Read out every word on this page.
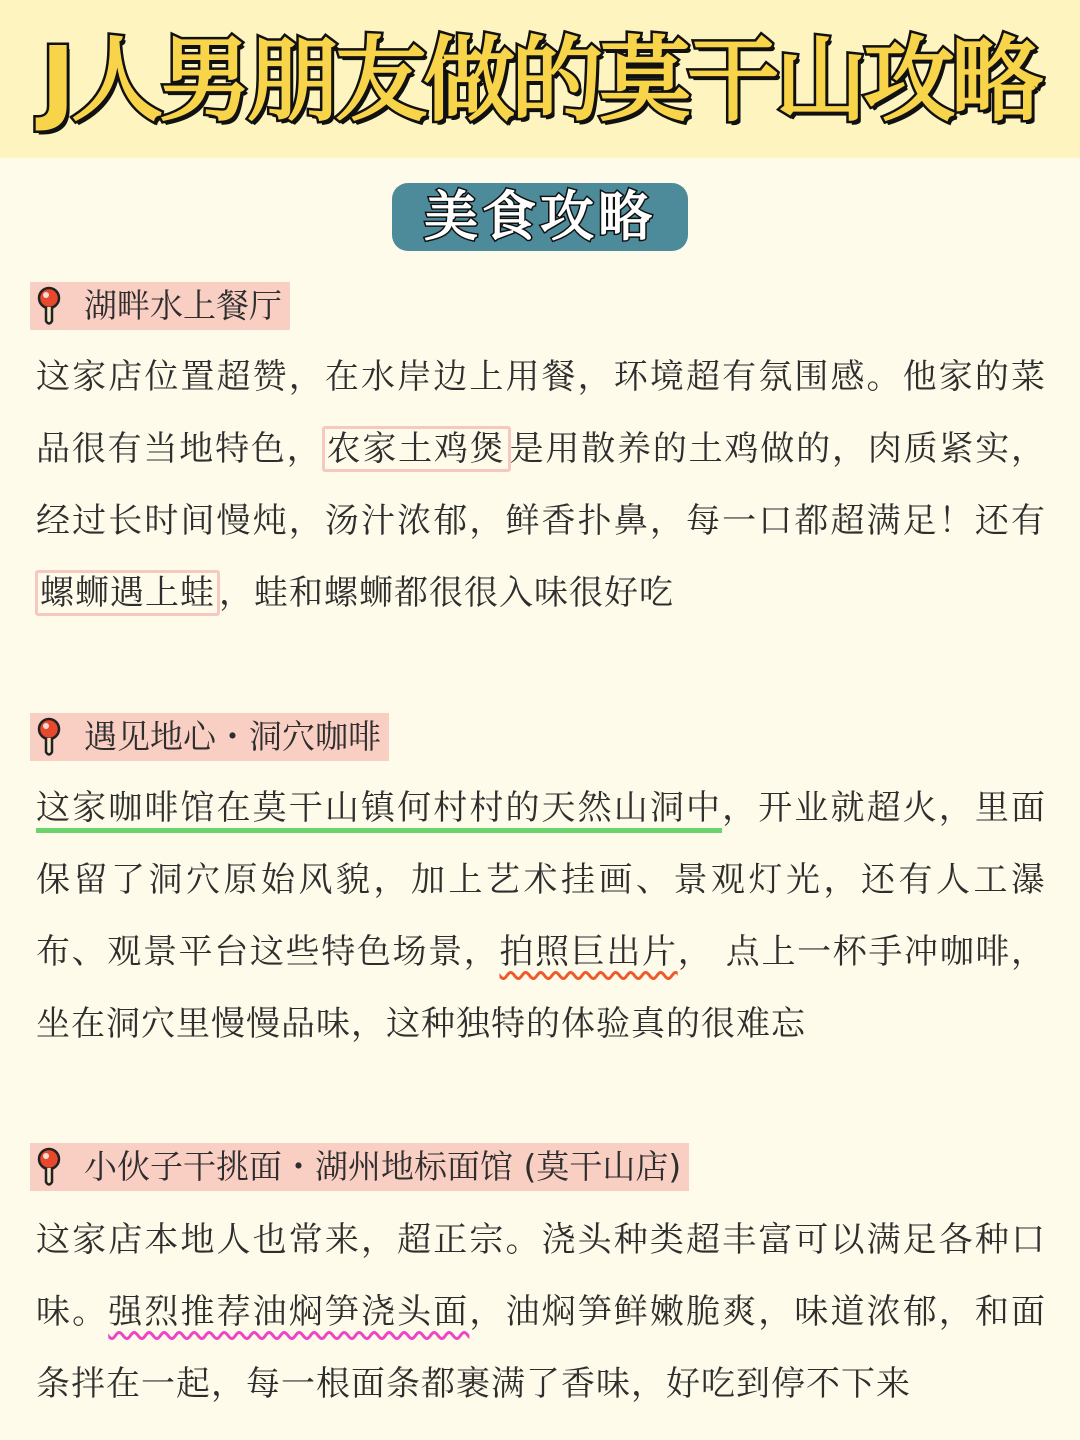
J人男朋友做的莫干山攻略
美食攻略
湖畔水上餐厅
这家店位置超赞，在水岸边上用餐，环境超有氛围感。他家的菜品很有当地特色， 农家土鸡煲 是用散养的土鸡做的，肉质紧实，经过长时间慢炖，汤汁浓郁，鲜香扑鼻，每一口都超满足！还有螺蛳遇上蛙 ，蛙和螺蛳都很很入味很好吃
遇见地心・洞穴咖啡
这家咖啡馆在莫干山镇何村村的天然山洞中，开业就超火，里面保留了洞穴原始风貌，加上艺术挂画、景观灯光，还有人工瀑布、观景平台这些特色场景，拍照巨出片， 点上一杯手冲咖啡，坐在洞穴里慢慢品味，这种独特的体验真的很难忘
小伙子干挑面・湖州地标面馆 (莫干山店)
这家店本地人也常来，超正宗。浇头种类超丰富可以满足各种口味。强烈推荐油焖笋浇头面，油焖笋鲜嫩脆爽，味道浓郁，和面条拌在一起，每一根面条都裹满了香味，好吃到停不下来
